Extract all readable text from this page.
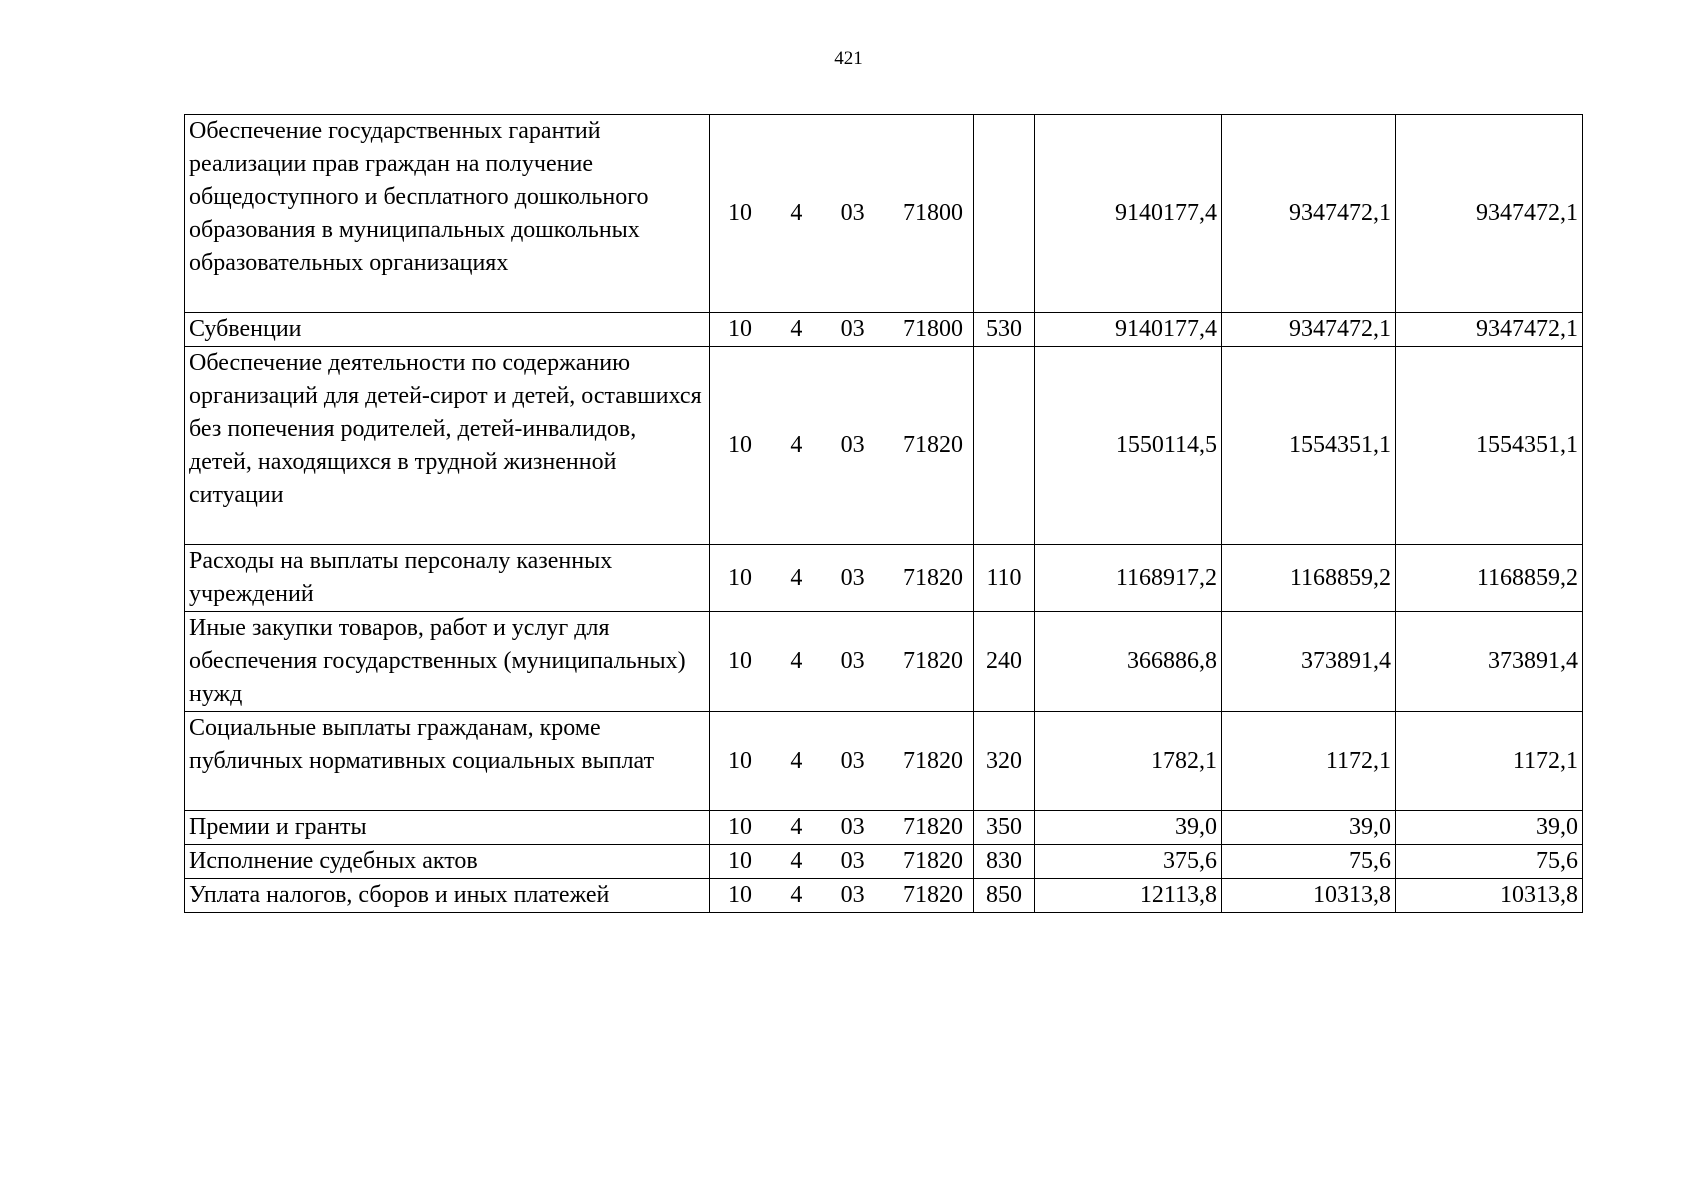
421
Обеспечение государственных гарантий реализации прав граждан на получение общедоступного и бесплатного дошкольного образования в муниципальных дошкольных образовательных организациях	10 4 03 71800		9140177,4	9347472,1	9347472,1
Субвенции	10 4 03 71800	530	9140177,4	9347472,1	9347472,1
Обеспечение деятельности по содержанию организаций для детей-сирот и детей, оставшихся без попечения родителей, детей-инвалидов, детей, находящихся в трудной жизненной ситуации	10 4 03 71820		1550114,5	1554351,1	1554351,1
Расходы на выплаты персоналу казенных учреждений	10 4 03 71820	110	1168917,2	1168859,2	1168859,2
Иные закупки товаров, работ и услуг для обеспечения государственных (муниципальных) нужд	10 4 03 71820	240	366886,8	373891,4	373891,4
Социальные выплаты гражданам, кроме публичных нормативных социальных выплат	10 4 03 71820	320	1782,1	1172,1	1172,1
Премии и гранты	10 4 03 71820	350	39,0	39,0	39,0
Исполнение судебных актов	10 4 03 71820	830	375,6	75,6	75,6
Уплата налогов, сборов и иных платежей	10 4 03 71820	850	12113,8	10313,8	10313,8
